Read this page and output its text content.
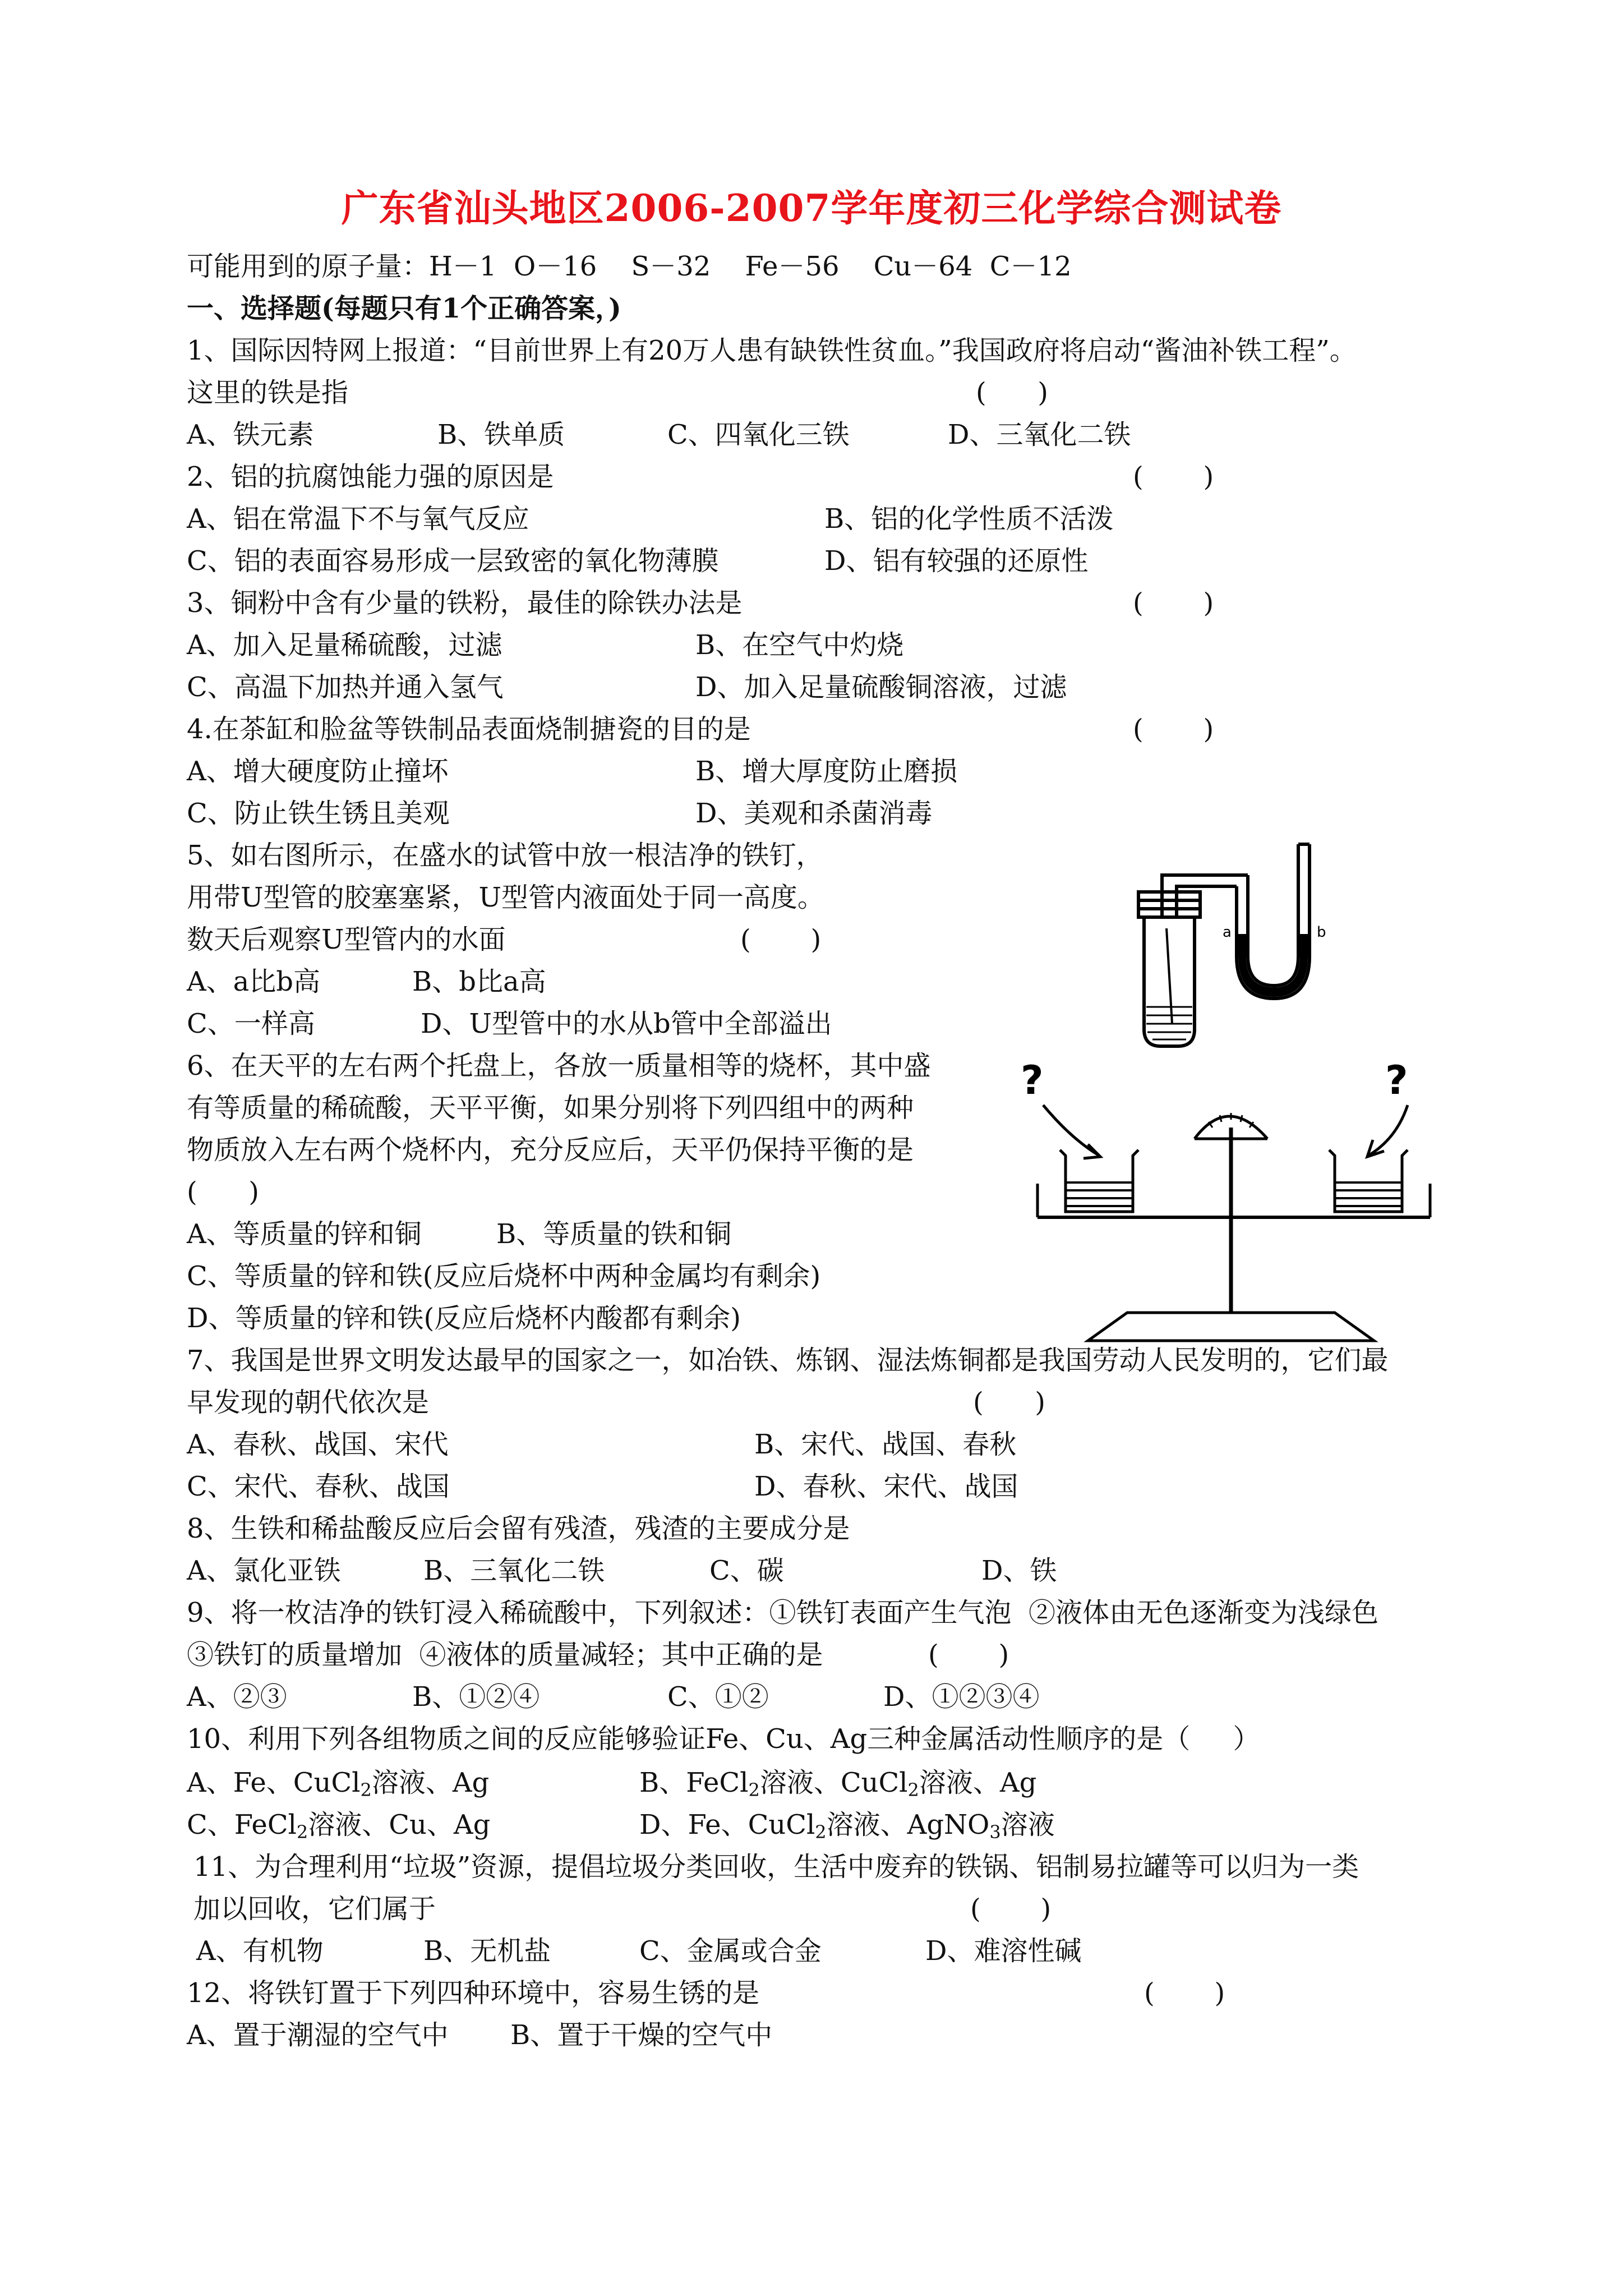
广东省汕头地区2006-2007学年度初三化学综合测试卷
可能用到的原子量：H－1  O－16    S－32    Fe－56    Cu－64  C－12
一、选择题(每题只有1个正确答案，)
1、国际因特网上报道：“目前世界上有20万人患有缺铁性贫血。”我国政府将启动“酱油补铁工程”。
这里的铁是指	(      )
A、铁元素	B、铁单质	C、四氧化三铁	D、三氧化二铁
2、铝的抗腐蚀能力强的原因是	(       )
A、铝在常温下不与氧气反应	B、铝的化学性质不活泼
C、铝的表面容易形成一层致密的氧化物薄膜	D、铝有较强的还原性
3、铜粉中含有少量的铁粉，最佳的除铁办法是	(       )
A、加入足量稀硫酸，过滤	B、在空气中灼烧
C、高温下加热并通入氢气	D、加入足量硫酸铜溶液，过滤
4.在茶缸和脸盆等铁制品表面烧制搪瓷的目的是	(       )
A、增大硬度防止撞坏	B、增大厚度防止磨损
C、防止铁生锈且美观	D、美观和杀菌消毒
5、如右图所示，在盛水的试管中放一根洁净的铁钉，
用带U型管的胶塞塞紧，U型管内液面处于同一高度。
数天后观察U型管内的水面	(       )
A、a比b高	B、b比a高
C、一样高	D、U型管中的水从b管中全部溢出
a	b
6、在天平的左右两个托盘上，各放一质量相等的烧杯，其中盛
有等质量的稀硫酸，天平平衡，如果分别将下列四组中的两种
物质放入左右两个烧杯内，充分反应后，天平仍保持平衡的是
(      )
A、等质量的锌和铜	B、等质量的铁和铜
C、等质量的锌和铁(反应后烧杯中两种金属均有剩余)
D、等质量的锌和铁(反应后烧杯内酸都有剩余)
?	?
7、我国是世界文明发达最早的国家之一，如冶铁、炼钢、湿法炼铜都是我国劳动人民发明的，它们最
早发现的朝代依次是	(      )
A、春秋、战国、宋代	B、宋代、战国、春秋
C、宋代、春秋、战国	D、春秋、宋代、战国
8、生铁和稀盐酸反应后会留有残渣，残渣的主要成分是
A、氯化亚铁	B、三氧化二铁	C、碳	D、铁
9、将一枚洁净的铁钉浸入稀硫酸中，下列叙述：①铁钉表面产生气泡  ②液体由无色逐渐变为浅绿色
③铁钉的质量增加  ④液体的质量减轻；其中正确的是	(       )
A、②③	B、①②④	C、①②	D、①②③④
10、利用下列各组物质之间的反应能够验证Fe、Cu、Ag三种金属活动性顺序的是（     ）
A、Fe、CuCl$_2$溶液、Ag	B、FeCl$_2$溶液、CuCl$_2$溶液、Ag
C、FeCl$_2$溶液、Cu、Ag	D、Fe、CuCl$_2$溶液、AgNO$_3$溶液
11、为合理利用“垃圾”资源，提倡垃圾分类回收，生活中废弃的铁锅、铝制易拉罐等可以归为一类
加以回收，它们属于	(       )
A、有机物	B、无机盐	C、金属或合金	D、难溶性碱
12、将铁钉置于下列四种环境中，容易生锈的是	(       )
A、置于潮湿的空气中 B、置于干燥的空气中
